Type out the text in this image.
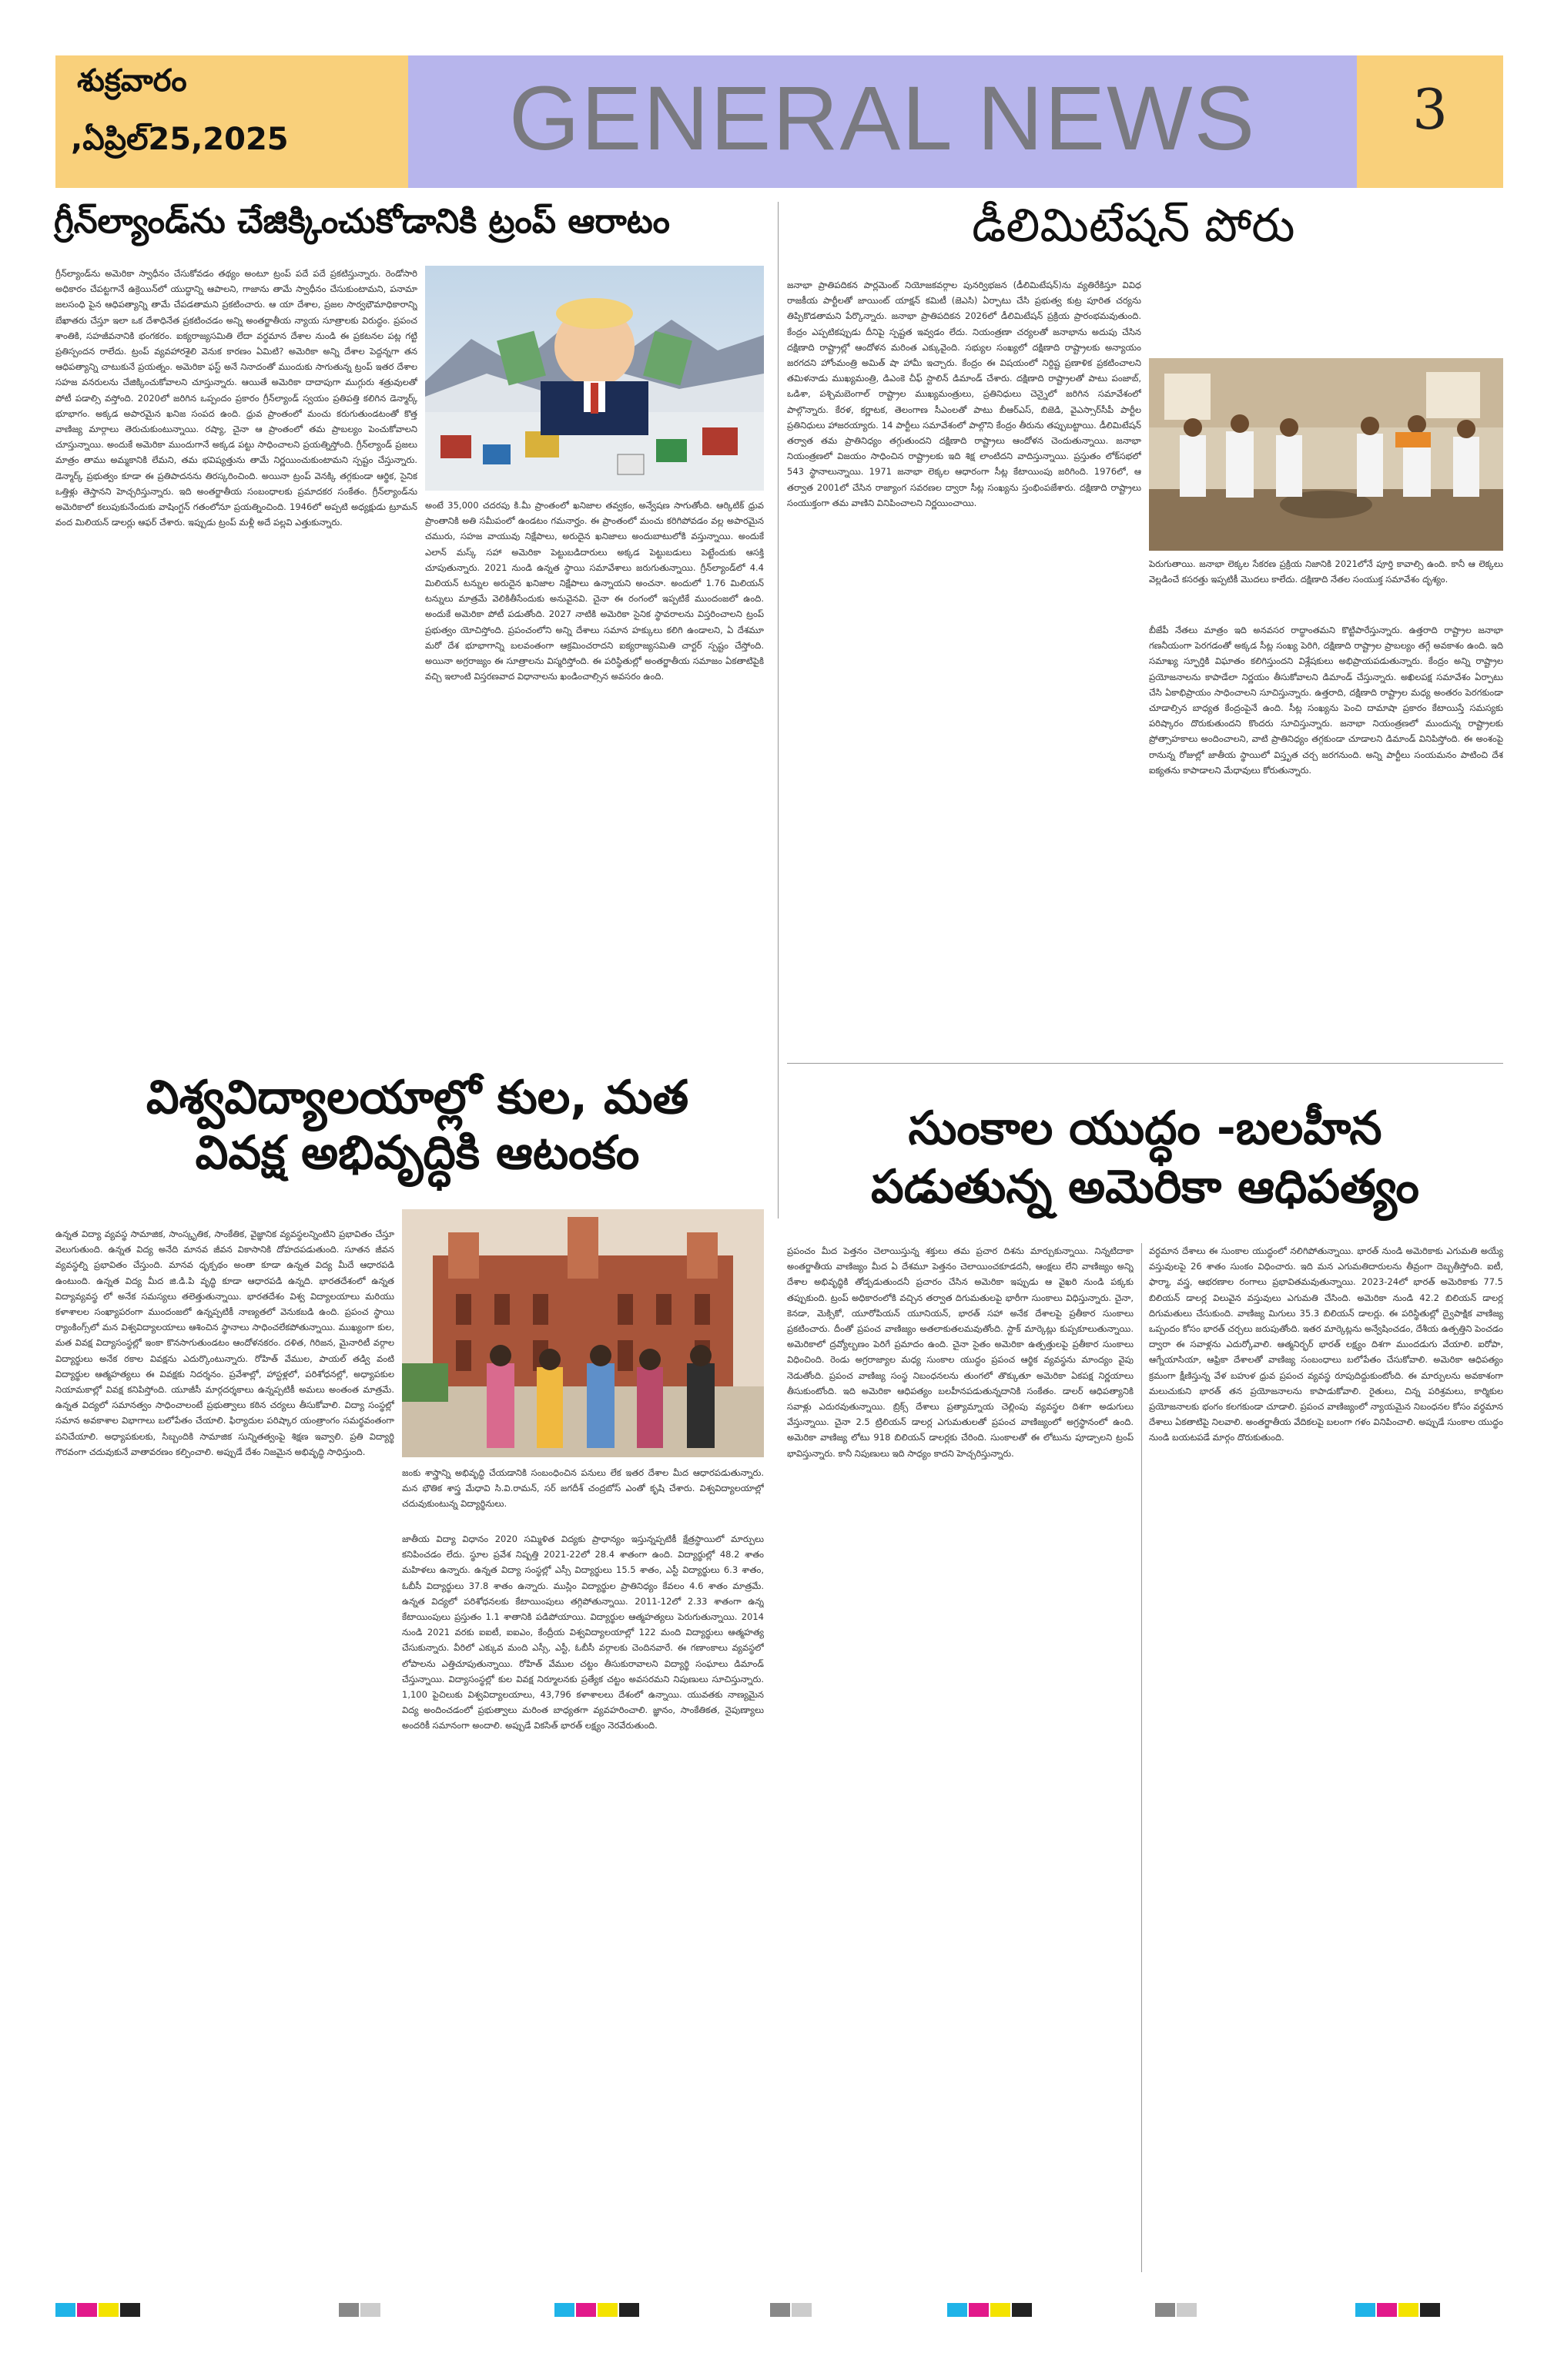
శుక్రవారం
,ఏప్రిల్25,2025	GENERAL NEWS	3
గ్రీన్‌ల్యాండ్‌ను చేజిక్కించుకోడానికి ట్రంప్ ఆరాటం

గ్రీన్‌ల్యాండ్‌ను అమెరికా స్వాధీనం చేసుకోవడం తథ్యం అంటూ ట్రంప్ పదే పదే ప్రకటిస్తున్నారు. రెండోసారి అధికారం చేపట్టగానే ఉక్రెయిన్‌లో యుద్ధాన్ని ఆపాలని, గాజాను తామే స్వాధీనం చేసుకుంటామని, పనామా జలసంధి పైన ఆధిపత్యాన్ని తామే చేపడతామని ప్రకటించారు. ఆ యా దేశాల, ప్రజల సార్వభౌమాధికారాన్ని బేఖాతరు చేస్తూ ఇలా ఒక దేశాధినేత ప్రకటించడం అన్ని అంతర్జాతీయ న్యాయ సూత్రాలకు విరుద్ధం. ప్రపంచ శాంతికి, సహజీవనానికి భంగకరం. ఐక్యరాజ్యసమితి లేదా వర్ధమాన దేశాల నుండి ఈ ప్రకటనల పట్ల గట్టి ప్రతిస్పందన రాలేదు. ట్రంప్ వ్యవహారశైలి వెనుక కారణం ఏమిటి? అమెరికా అన్ని దేశాల పెద్దన్నగా తన ఆధిపత్యాన్ని చాటుకునే ప్రయత్నం. అమెరికా ఫస్ట్ అనే నినాదంతో ముందుకు సాగుతున్న ట్రంప్ ఇతర దేశాల సహజ వనరులను చేజిక్కించుకోవాలని చూస్తున్నారు. ఆయితే అమెరికా దాదాపుగా ముగ్గురు శత్రువులతో పోటీ పడాల్సి వస్తోంది. 2020లో జరిగిన ఒప్పందం ప్రకారం గ్రీన్‌ల్యాండ్ స్వయం ప్రతిపత్తి కలిగిన డెన్మార్క్ భూభాగం. అక్కడ అపారమైన ఖనిజ సంపద ఉంది. ధ్రువ ప్రాంతంలో మంచు కరుగుతుండటంతో కొత్త వాణిజ్య మార్గాలు తెరుచుకుంటున్నాయి. రష్యా, చైనా ఆ ప్రాంతంలో తమ ప్రాబల్యం పెంచుకోవాలని చూస్తున్నాయి. అందుకే అమెరికా ముందుగానే అక్కడ పట్టు సాధించాలని ప్రయత్నిస్తోంది. గ్రీన్‌ల్యాండ్ ప్రజలు మాత్రం తాము అమ్మకానికి లేమని, తమ భవిష్యత్తును తామే నిర్ణయించుకుంటామని స్పష్టం చేస్తున్నారు. డెన్మార్క్ ప్రభుత్వం కూడా ఈ ప్రతిపాదనను తిరస్కరించింది. అయినా ట్రంప్ వెనక్కి తగ్గకుండా ఆర్థిక, సైనిక ఒత్తిళ్లు తెస్తానని హెచ్చరిస్తున్నారు. ఇది అంతర్జాతీయ సంబంధాలకు ప్రమాదకర సంకేతం. గ్రీన్‌ల్యాండ్‌ను అమెరికాలో కలుపుకునేందుకు వాషింగ్టన్ గతంలోనూ ప్రయత్నించింది. 1946లో అప్పటి అధ్యక్షుడు ట్రూమన్ వంద మిలియన్ డాలర్లు ఆఫర్ చేశారు. ఇప్పుడు ట్రంప్ మళ్లీ అదే పల్లవి ఎత్తుకున్నారు.

అంటే 35,000 చదరపు కి.మీ ప్రాంతంలో ఖనిజాల తవ్వకం, అన్వేషణ సాగుతోంది. ఆర్కిటిక్ ధ్రువ ప్రాంతానికి అతి సమీపంలో ఉండటం గమనార్హం. ఈ ప్రాంతంలో మంచు కరిగిపోవడం వల్ల అపారమైన చమురు, సహజ వాయువు నిక్షేపాలు, అరుదైన ఖనిజాలు అందుబాటులోకి వస్తున్నాయి. అందుకే ఎలాన్ మస్క్ సహా అమెరికా పెట్టుబడిదారులు అక్కడ పెట్టుబడులు పెట్టేందుకు ఆసక్తి చూపుతున్నారు. 2021 నుండి ఉన్నత స్థాయి సమావేశాలు జరుగుతున్నాయి. గ్రీన్‌ల్యాండ్‌లో 4.4 మిలియన్ టన్నుల అరుదైన ఖనిజాల నిక్షేపాలు ఉన్నాయని అంచనా. అందులో 1.76 మిలియన్ టన్నులు మాత్రమే వెలికితీసేందుకు అనువైనవి. చైనా ఈ రంగంలో ఇప్పటికే ముందంజలో ఉంది. అందుకే అమెరికా పోటీ పడుతోంది. 2027 నాటికి అమెరికా సైనిక స్థావరాలను విస్తరించాలని ట్రంప్ ప్రభుత్వం యోచిస్తోంది. ప్రపంచంలోని అన్ని దేశాలు సమాన హక్కులు కలిగి ఉండాలని, ఏ దేశమూ మరో దేశ భూభాగాన్ని బలవంతంగా ఆక్రమించరాదని ఐక్యరాజ్యసమితి చార్టర్ స్పష్టం చేస్తోంది. అయినా అగ్రరాజ్యం ఈ సూత్రాలను విస్మరిస్తోంది. ఈ పరిస్థితుల్లో అంతర్జాతీయ సమాజం ఏకతాటిపైకి వచ్చి ఇలాంటి విస్తరణవాద విధానాలను ఖండించాల్సిన అవసరం ఉంది.

డీలిమిటేషన్ పోరు

జనాభా ప్రాతిపదికన పార్లమెంట్ నియోజకవర్గాల పునర్విభజన (డీలిమిటేషన్)ను వ్యతిరేకిస్తూ వివిధ రాజకీయ పార్టీలతో జాయింట్ యాక్షన్ కమిటీ (జెఎసి) ఏర్పాటు చేసి ప్రభుత్వ కుట్ర పూరిత చర్యను తిప్పికొడతామని పేర్కొన్నారు. జనాభా ప్రాతిపదికన 2026లో డీలిమిటేషన్ ప్రక్రియ ప్రారంభమవుతుంది. కేంద్రం ఎప్పటికప్పుడు దీనిపై స్పష్టత ఇవ్వడం లేదు. నియంత్రణా చర్యలతో జనాభాను అదుపు చేసిన దక్షిణాది రాష్ట్రాల్లో ఆందోళన మరింత ఎక్కువైంది. సభ్యుల సంఖ్యలో దక్షిణాది రాష్ట్రాలకు అన్యాయం జరగదని హోంమంత్రి అమిత్ షా హామీ ఇచ్చారు. కేంద్రం ఈ విషయంలో నిర్దిష్ట ప్రణాళిక ప్రకటించాలని తమిళనాడు ముఖ్యమంత్రి, డిఎంకె చీఫ్ స్టాలిన్ డిమాండ్ చేశారు. దక్షిణాది రాష్ట్రాలతో పాటు పంజాబ్, ఒడిశా, పశ్చిమబెంగాల్ రాష్ట్రాల ముఖ్యమంత్రులు, ప్రతినిధులు చెన్నైలో జరిగిన సమావేశంలో పాల్గొన్నారు. కేరళ, కర్ణాటక, తెలంగాణ సీఎంలతో పాటు బీఆర్ఎస్, బిజెడి, వైఎస్సార్‌సీపీ పార్టీల ప్రతినిధులు హాజరయ్యారు. 14 పార్టీలు సమావేశంలో పాల్గొని కేంద్రం తీరును తప్పుబట్టాయి. డీలిమిటేషన్ తర్వాత తమ ప్రాతినిధ్యం తగ్గుతుందని దక్షిణాది రాష్ట్రాలు ఆందోళన చెందుతున్నాయి. జనాభా నియంత్రణలో విజయం సాధించిన రాష్ట్రాలకు ఇది శిక్ష లాంటిదని వాదిస్తున్నాయి. ప్రస్తుతం లోక్‌సభలో 543 స్థానాలున్నాయి. 1971 జనాభా లెక్కల ఆధారంగా సీట్ల కేటాయింపు జరిగింది. 1976లో, ఆ తర్వాత 2001లో చేసిన రాజ్యాంగ సవరణల ద్వారా సీట్ల సంఖ్యను స్తంభింపజేశారు. దక్షిణాది రాష్ట్రాలు సంయుక్తంగా తమ వాణిని వినిపించాలని నిర్ణయించాయి.

పెరుగుతాయి. జనాభా లెక్కల సేకరణ ప్రక్రియ నిజానికి 2021లోనే పూర్తి కావాల్సి ఉంది. కానీ ఆ లెక్కలు వెల్లడించే కసరత్తు ఇప్పటికీ మొదలు కాలేదు. దక్షిణాది నేతల సంయుక్త సమావేశం దృశ్యం.

బీజేపీ నేతలు మాత్రం ఇది అనవసర రాద్ధాంతమని కొట్టిపారేస్తున్నారు. ఉత్తరాది రాష్ట్రాల జనాభా గణనీయంగా పెరగడంతో అక్కడ సీట్ల సంఖ్య పెరిగి, దక్షిణాది రాష్ట్రాల ప్రాబల్యం తగ్గే అవకాశం ఉంది. ఇది సమాఖ్య స్ఫూర్తికి విఘాతం కలిగిస్తుందని విశ్లేషకులు అభిప్రాయపడుతున్నారు. కేంద్రం అన్ని రాష్ట్రాల ప్రయోజనాలను కాపాడేలా నిర్ణయం తీసుకోవాలని డిమాండ్ చేస్తున్నారు. అఖిలపక్ష సమావేశం ఏర్పాటు చేసి ఏకాభిప్రాయం సాధించాలని సూచిస్తున్నారు. ఉత్తరాది, దక్షిణాది రాష్ట్రాల మధ్య అంతరం పెరగకుండా చూడాల్సిన బాధ్యత కేంద్రంపైనే ఉంది. సీట్ల సంఖ్యను పెంచి దామాషా ప్రకారం కేటాయిస్తే సమస్యకు పరిష్కారం దొరుకుతుందని కొందరు సూచిస్తున్నారు. జనాభా నియంత్రణలో ముందున్న రాష్ట్రాలకు ప్రోత్సాహకాలు అందించాలని, వాటి ప్రాతినిధ్యం తగ్గకుండా చూడాలని డిమాండ్ వినిపిస్తోంది. ఈ అంశంపై రానున్న రోజుల్లో జాతీయ స్థాయిలో విస్తృత చర్చ జరగనుంది. అన్ని పార్టీలు సంయమనం పాటించి దేశ ఐక్యతను కాపాడాలని మేధావులు కోరుతున్నారు.

విశ్వవిద్యాలయాల్లో కుల, మత
వివక్ష అభివృద్ధికి ఆటంకం

ఉన్నత విద్యా వ్యవస్థ సామాజిక, సాంస్కృతిక, సాంకేతిక, వైజ్ఞానిక వ్యవస్థలన్నింటిని ప్రభావితం చేస్తూ వెలుగుతుంది. ఉన్నత విద్య అనేది మానవ జీవన వికాసానికి దోహదపడుతుంది. సూతన జీవన వ్యవస్థల్ని ప్రభావితం చేస్తుంది. మానవ ధృక్పథం అంతా కూడా ఉన్నత విద్య మీదే ఆధారపడి ఉంటుంది. ఉన్నత విద్య మీద జి.డి.పి వృద్ధి కూడా ఆధారపడి ఉన్నది. భారతదేశంలో ఉన్నత విద్యావ్యవస్థ లో అనేక సమస్యలు తలెత్తుతున్నాయి. భారతదేశం విశ్వ విద్యాలయాలు మరియు కళాశాలల సంఖ్యాపరంగా ముందంజలో ఉన్నప్పటికీ నాణ్యతలో వెనుకబడి ఉంది. ప్రపంచ స్థాయి ర్యాంకింగ్స్‌లో మన విశ్వవిద్యాలయాలు ఆశించిన స్థానాలు సాధించలేకపోతున్నాయి. ముఖ్యంగా కుల, మత వివక్ష విద్యాసంస్థల్లో ఇంకా కొనసాగుతుండటం ఆందోళనకరం. దళిత, గిరిజన, మైనారిటీ వర్గాల విద్యార్థులు అనేక రకాల వివక్షను ఎదుర్కొంటున్నారు. రోహిత్ వేముల, పాయల్ తడ్వి వంటి విద్యార్థుల ఆత్మహత్యలు ఈ వివక్షకు నిదర్శనం. ప్రవేశాల్లో, హాస్టళ్లలో, పరిశోధనల్లో, అధ్యాపకుల నియామకాల్లో వివక్ష కనిపిస్తోంది. యూజీసీ మార్గదర్శకాలు ఉన్నప్పటికీ అమలు అంతంత మాత్రమే. ఉన్నత విద్యలో సమానత్వం సాధించాలంటే ప్రభుత్వాలు కఠిన చర్యలు తీసుకోవాలి. విద్యా సంస్థల్లో సమాన అవకాశాల విభాగాలు బలోపేతం చేయాలి. ఫిర్యాదుల పరిష్కార యంత్రాంగం సమర్థవంతంగా పనిచేయాలి. అధ్యాపకులకు, సిబ్బందికి సామాజిక సున్నితత్వంపై శిక్షణ ఇవ్వాలి. ప్రతి విద్యార్థి గౌరవంగా చదువుకునే వాతావరణం కల్పించాలి. అప్పుడే దేశం నిజమైన అభివృద్ధి సాధిస్తుంది.

జంకు శాస్త్రాన్ని అభివృద్ధి చేయడానికి సంబంధించిన పనులు లేక ఇతర దేశాల మీద ఆధారపడుతున్నారు. మన భౌతిక శాస్త్ర మేధావి సి.వి.రామన్, సర్ జగదీశ్ చంద్రబోస్ ఎంతో కృషి చేశారు. విశ్వవిద్యాలయాల్లో చదువుకుంటున్న విద్యార్థినులు.

జాతీయ విద్యా విధానం 2020 సమ్మిళిత విద్యకు ప్రాధాన్యం ఇస్తున్నప్పటికీ క్షేత్రస్థాయిలో మార్పులు కనిపించడం లేదు. స్థూల ప్రవేశ నిష్పత్తి 2021-22లో 28.4 శాతంగా ఉంది. విద్యార్థుల్లో 48.2 శాతం మహిళలు ఉన్నారు. ఉన్నత విద్యా సంస్థల్లో ఎస్సీ విద్యార్థులు 15.5 శాతం, ఎస్టీ విద్యార్థులు 6.3 శాతం, ఓబీసీ విద్యార్థులు 37.8 శాతం ఉన్నారు. ముస్లిం విద్యార్థుల ప్రాతినిధ్యం కేవలం 4.6 శాతం మాత్రమే. ఉన్నత విద్యలో పరిశోధనలకు కేటాయింపులు తగ్గిపోతున్నాయి. 2011-12లో 2.33 శాతంగా ఉన్న కేటాయింపులు ప్రస్తుతం 1.1 శాతానికి పడిపోయాయి. విద్యార్థుల ఆత్మహత్యలు పెరుగుతున్నాయి. 2014 నుండి 2021 వరకు ఐఐటీ, ఐఐఎం, కేంద్రీయ విశ్వవిద్యాలయాల్లో 122 మంది విద్యార్థులు ఆత్మహత్య చేసుకున్నారు. వీరిలో ఎక్కువ మంది ఎస్సీ, ఎస్టీ, ఓబీసీ వర్గాలకు చెందినవారే. ఈ గణాంకాలు వ్యవస్థలో లోపాలను ఎత్తిచూపుతున్నాయి. రోహిత్ వేముల చట్టం తీసుకురావాలని విద్యార్థి సంఘాలు డిమాండ్ చేస్తున్నాయి. విద్యాసంస్థల్లో కుల వివక్ష నిర్మూలనకు ప్రత్యేక చట్టం అవసరమని నిపుణులు సూచిస్తున్నారు. 1,100 పైచిలుకు విశ్వవిద్యాలయాలు, 43,796 కళాశాలలు దేశంలో ఉన్నాయి. యువతకు నాణ్యమైన విద్య అందించడంలో ప్రభుత్వాలు మరింత బాధ్యతగా వ్యవహరించాలి. జ్ఞానం, సాంకేతికత, నైపుణ్యాలు అందరికీ సమానంగా అందాలి. అప్పుడే వికసిత్ భారత్ లక్ష్యం నెరవేరుతుంది.

సుంకాల యుద్ధం -బలహీన
పడుతున్న అమెరికా ఆధిపత్యం

ప్రపంచం మీద పెత్తనం చెలాయిస్తున్న శక్తులు తమ ప్రచార దిశను మార్చుకున్నాయి. నిన్నటిదాకా అంతర్జాతీయ వాణిజ్యం మీద ఏ దేశమూ పెత్తనం చెలాయించకూడదనీ, ఆంక్షలు లేని వాణిజ్యం అన్ని దేశాల అభివృద్ధికి తోడ్పడుతుందనీ ప్రచారం చేసిన అమెరికా ఇప్పుడు ఆ వైఖరి నుండి పక్కకు తప్పుకుంది. ట్రంప్ అధికారంలోకి వచ్చిన తర్వాత దిగుమతులపై భారీగా సుంకాలు విధిస్తున్నారు. చైనా, కెనడా, మెక్సికో, యూరోపియన్ యూనియన్, భారత్ సహా అనేక దేశాలపై ప్రతీకార సుంకాలు ప్రకటించారు. దీంతో ప్రపంచ వాణిజ్యం అతలాకుతలమవుతోంది. స్టాక్ మార్కెట్లు కుప్పకూలుతున్నాయి. అమెరికాలో ద్రవ్యోల్బణం పెరిగే ప్రమాదం ఉంది. చైనా సైతం అమెరికా ఉత్పత్తులపై ప్రతీకార సుంకాలు విధించింది. రెండు అగ్రరాజ్యాల మధ్య సుంకాల యుద్ధం ప్రపంచ ఆర్థిక వ్యవస్థను మాంద్యం వైపు నెడుతోంది. ప్రపంచ వాణిజ్య సంస్థ నిబంధనలను తుంగలో తొక్కుతూ అమెరికా ఏకపక్ష నిర్ణయాలు తీసుకుంటోంది. ఇది అమెరికా ఆధిపత్యం బలహీనపడుతున్నదానికి సంకేతం. డాలర్ ఆధిపత్యానికి సవాళ్లు ఎదురవుతున్నాయి. బ్రిక్స్ దేశాలు ప్రత్యామ్నాయ చెల్లింపు వ్యవస్థల దిశగా అడుగులు వేస్తున్నాయి. చైనా 2.5 ట్రిలియన్ డాలర్ల ఎగుమతులతో ప్రపంచ వాణిజ్యంలో అగ్రస్థానంలో ఉంది. అమెరికా వాణిజ్య లోటు 918 బిలియన్ డాలర్లకు చేరింది. సుంకాలతో ఈ లోటును పూడ్చాలని ట్రంప్ భావిస్తున్నారు. కానీ నిపుణులు ఇది సాధ్యం కాదని హెచ్చరిస్తున్నారు.

వర్ధమాన దేశాలు ఈ సుంకాల యుద్ధంలో నలిగిపోతున్నాయి. భారత్ నుండి అమెరికాకు ఎగుమతి అయ్యే వస్తువులపై 26 శాతం సుంకం విధించారు. ఇది మన ఎగుమతిదారులను తీవ్రంగా దెబ్బతీస్తోంది. ఐటీ, ఫార్మా, వస్త్ర, ఆభరణాల రంగాలు ప్రభావితమవుతున్నాయి. 2023-24లో భారత్ అమెరికాకు 77.5 బిలియన్ డాలర్ల విలువైన వస్తువులు ఎగుమతి చేసింది. అమెరికా నుండి 42.2 బిలియన్ డాలర్ల దిగుమతులు చేసుకుంది. వాణిజ్య మిగులు 35.3 బిలియన్ డాలర్లు. ఈ పరిస్థితుల్లో ద్వైపాక్షిక వాణిజ్య ఒప్పందం కోసం భారత్ చర్చలు జరుపుతోంది. ఇతర మార్కెట్లను అన్వేషించడం, దేశీయ ఉత్పత్తిని పెంచడం ద్వారా ఈ సవాళ్లను ఎదుర్కోవాలి. ఆత్మనిర్భర్ భారత్ లక్ష్యం దిశగా ముందడుగు వేయాలి. ఐరోపా, ఆగ్నేయాసియా, ఆఫ్రికా దేశాలతో వాణిజ్య సంబంధాలు బలోపేతం చేసుకోవాలి. అమెరికా ఆధిపత్యం క్రమంగా క్షీణిస్తున్న వేళ బహుళ ధ్రువ ప్రపంచ వ్యవస్థ రూపుదిద్దుకుంటోంది. ఈ మార్పులను అవకాశంగా మలుచుకుని భారత్ తన ప్రయోజనాలను కాపాడుకోవాలి. రైతులు, చిన్న పరిశ్రమలు, కార్మికుల ప్రయోజనాలకు భంగం కలగకుండా చూడాలి. ప్రపంచ వాణిజ్యంలో న్యాయమైన నిబంధనల కోసం వర్ధమాన దేశాలు ఏకతాటిపై నిలవాలి. అంతర్జాతీయ వేదికలపై బలంగా గళం వినిపించాలి. అప్పుడే సుంకాల యుద్ధం నుండి బయటపడే మార్గం దొరుకుతుంది.
